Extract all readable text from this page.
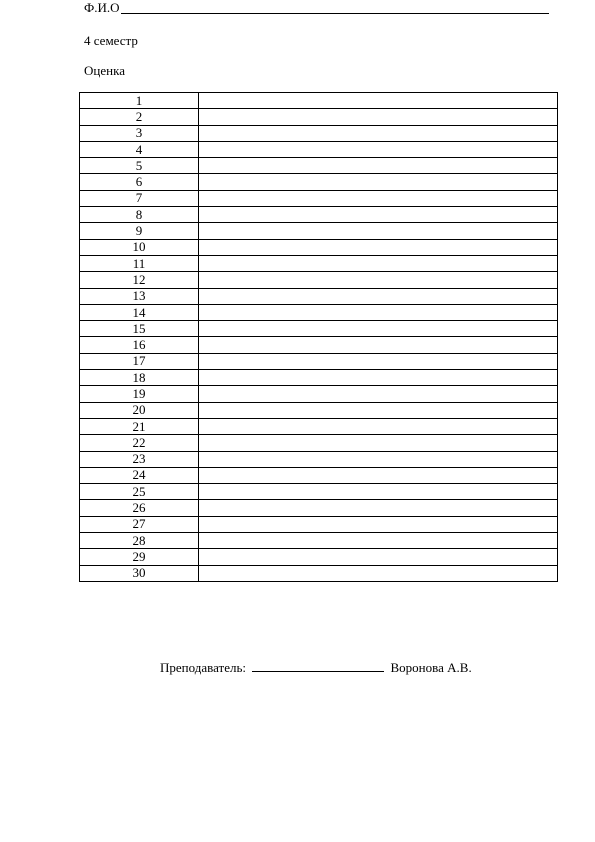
Ф.И.О
4 семестр
Оценка
1	
2	
3	
4	
5	
6	
7	
8	
9	
10	
11	
12	
13	
14	
15	
16	
17	
18	
19	
20	
21	
22	
23	
24	
25	
26	
27	
28	
29	
30	
Преподаватель:	Воронова А.В.
